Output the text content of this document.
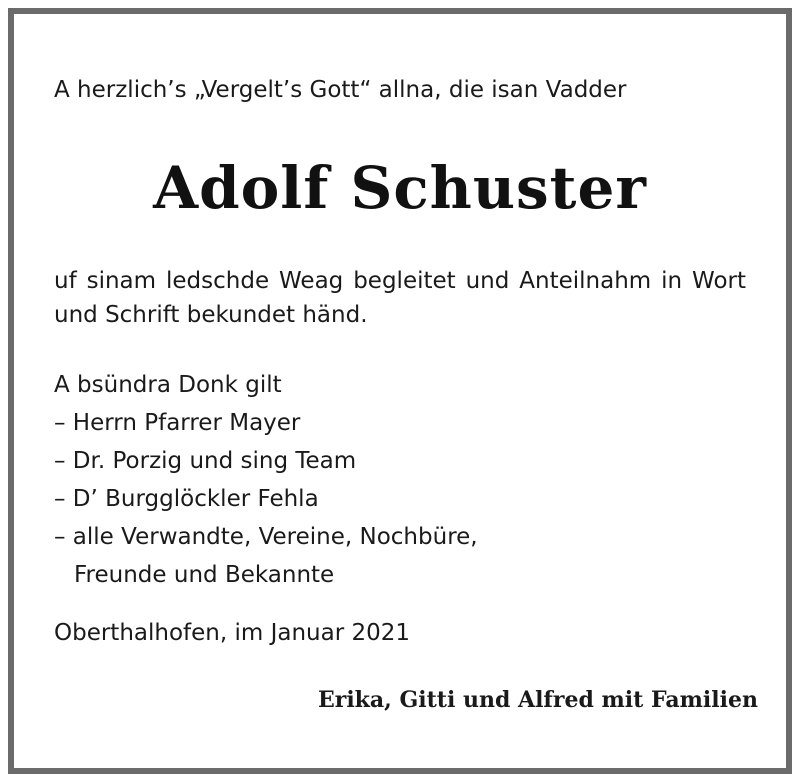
A herzlich’s „Vergelt’s Gott“ allna, die isan Vadder
Adolf Schuster
uf sinam ledschde Weag begleitet und Anteilnahm in Wort und Schrift bekundet händ.
A bsündra Donk gilt
– Herrn Pfarrer Mayer
– Dr. Porzig und sing Team
– D’ Burgglöckler Fehla
– alle Verwandte, Vereine, Nochbüre,
Freunde und Bekannte
Oberthalhofen, im Januar 2021
Erika, Gitti und Alfred mit Familien
